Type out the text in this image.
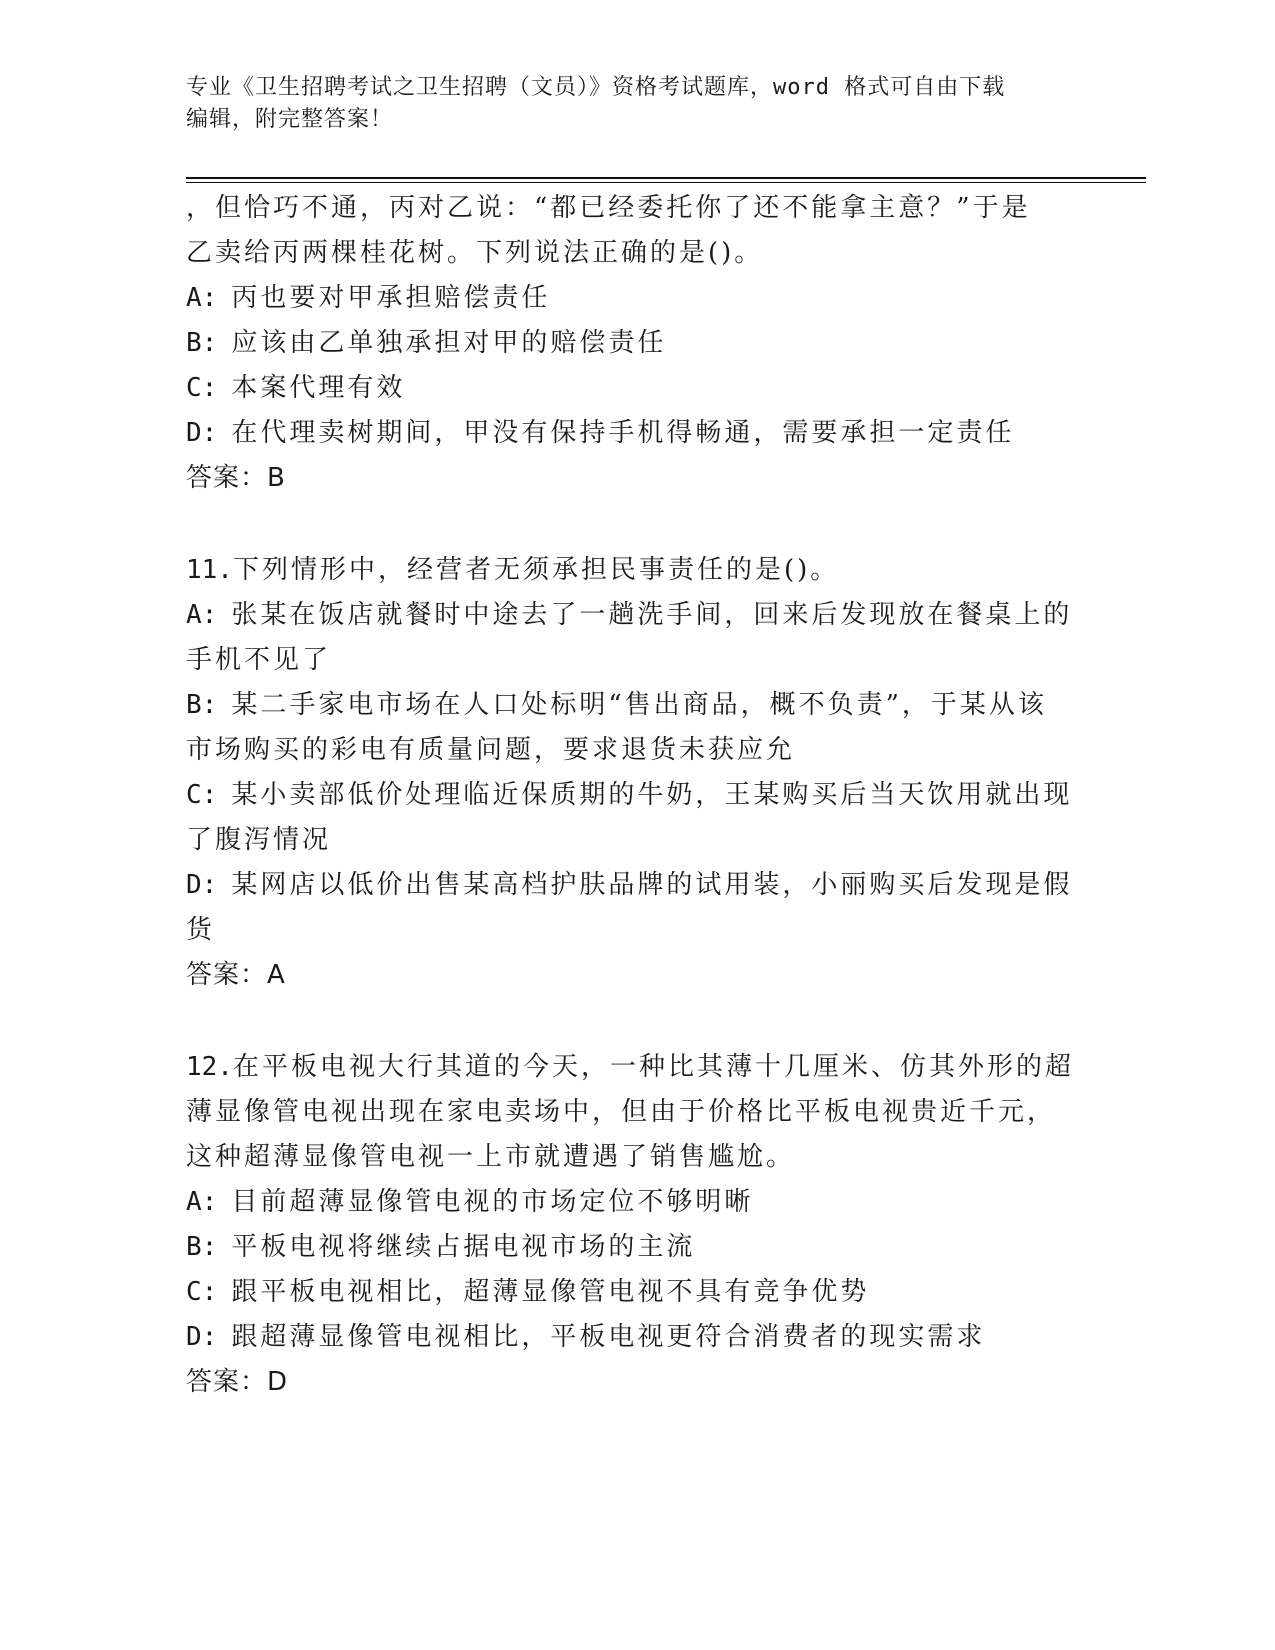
专业《卫生招聘考试之卫生招聘（文员）》资格考试题库，word 格式可自由下载
编辑，附完整答案！
，但恰巧不通，丙对乙说：“都已经委托你了还不能拿主意？”于是
乙卖给丙两棵桂花树。下列说法正确的是()。
A: 丙也要对甲承担赔偿责任
B: 应该由乙单独承担对甲的赔偿责任
C: 本案代理有效
D: 在代理卖树期间，甲没有保持手机得畅通，需要承担一定责任
答案：B
11.下列情形中，经营者无须承担民事责任的是()。
A: 张某在饭店就餐时中途去了一趟洗手间，回来后发现放在餐桌上的
手机不见了
B: 某二手家电市场在人口处标明“售出商品，概不负责”，于某从该
市场购买的彩电有质量问题，要求退货未获应允
C: 某小卖部低价处理临近保质期的牛奶，王某购买后当天饮用就出现
了腹泻情况
D: 某网店以低价出售某高档护肤品牌的试用装，小丽购买后发现是假
货
答案：A
12.在平板电视大行其道的今天，一种比其薄十几厘米、仿其外形的超
薄显像管电视出现在家电卖场中，但由于价格比平板电视贵近千元，
这种超薄显像管电视一上市就遭遇了销售尴尬。
A: 目前超薄显像管电视的市场定位不够明晰
B: 平板电视将继续占据电视市场的主流
C: 跟平板电视相比，超薄显像管电视不具有竞争优势
D: 跟超薄显像管电视相比，平板电视更符合消费者的现实需求
答案：D
